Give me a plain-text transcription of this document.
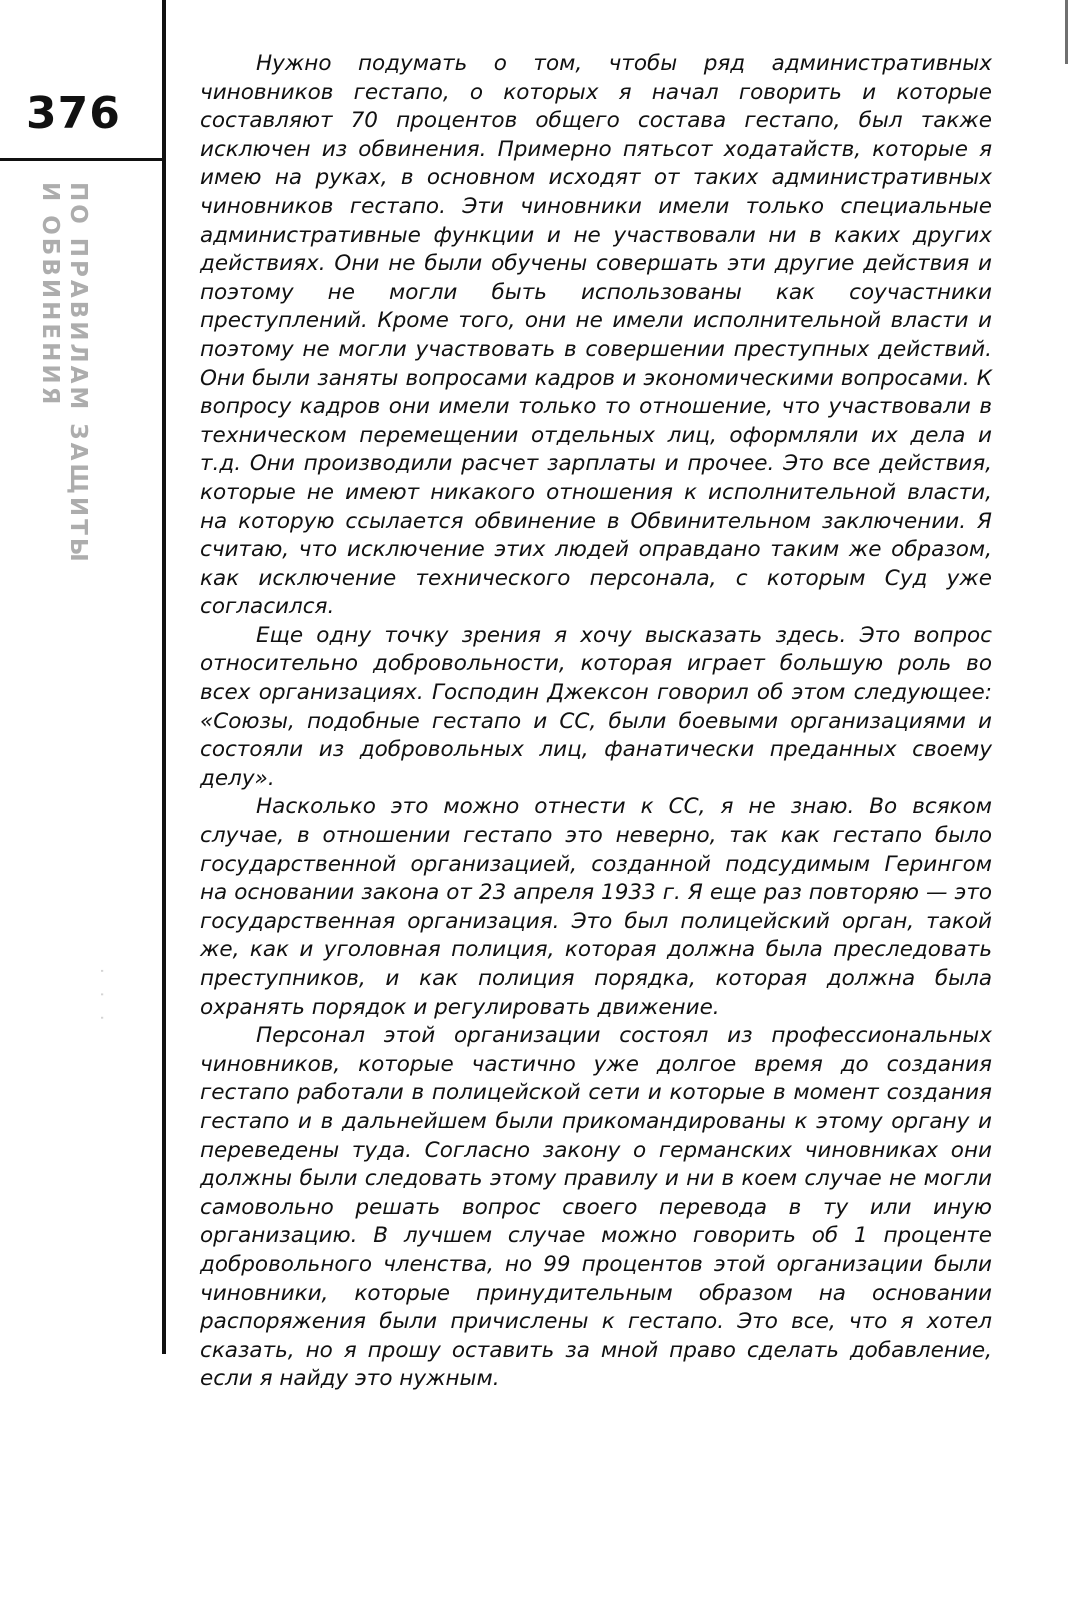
376
ПО ПРАВИЛАМ ЗАЩИТЫ
И ОБВИНЕНИЯ
· · ·

Нужно подумать о том, чтобы ряд административных чиновников гестапо, о которых я начал говорить и которые составляют 70 процентов общего состава гестапо, был также исключен из обвинения. Примерно пятьсот ходатайств, которые я имею на руках, в основном исходят от таких административных чиновников гестапо. Эти чиновники имели только специальные административные функции и не участвовали ни в каких других действиях. Они не были обучены совершать эти другие действия и поэтому не могли быть использованы как соучастники преступлений. Кроме того, они не имели исполнительной власти и поэтому не могли участвовать в совершении преступных действий. Они были заняты вопросами кадров и экономическими вопросами. К вопросу кадров они имели только то отношение, что участвовали в техническом перемещении отдельных лиц, оформляли их дела и т.д. Они производили расчет зарплаты и прочее. Это все действия, которые не имеют никакого отношения к исполнительной власти, на которую ссылается обвинение в Обвинительном заключении. Я считаю, что исключение этих людей оправдано таким же образом, как исключение технического персонала, с которым Суд уже согласился.

Еще одну точку зрения я хочу высказать здесь. Это вопрос относительно добровольности, которая играет большую роль во всех организациях. Господин Джексон говорил об этом следующее: «Союзы, подобные гестапо и СС, были боевыми организациями и состояли из добровольных лиц, фанатически преданных своему делу».

Насколько это можно отнести к СС, я не знаю. Во всяком случае, в отношении гестапо это неверно, так как гестапо было государственной организацией, созданной подсудимым Герингом на основании закона от 23 апреля 1933 г. Я еще раз повторяю — это государственная организация. Это был полицейский орган, такой же, как и уголовная полиция, которая должна была преследовать преступников, и как полиция порядка, которая должна была охранять порядок и регулировать движение.

Персонал этой организации состоял из профессиональных чиновников, которые частично уже долгое время до создания гестапо работали в полицейской сети и которые в момент создания гестапо и в дальнейшем были прикомандированы к этому органу и переведены туда. Согласно закону о германских чиновниках они должны были следовать этому правилу и ни в коем случае не могли самовольно решать вопрос своего перевода в ту или иную организацию. В лучшем случае можно говорить об 1 проценте добровольного членства, но 99 процентов этой организации были чиновники, которые принудительным образом на основании распоряжения были причислены к гестапо. Это все, что я хотел сказать, но я прошу оставить за мной право сделать добавление, если я найду это нужным.
